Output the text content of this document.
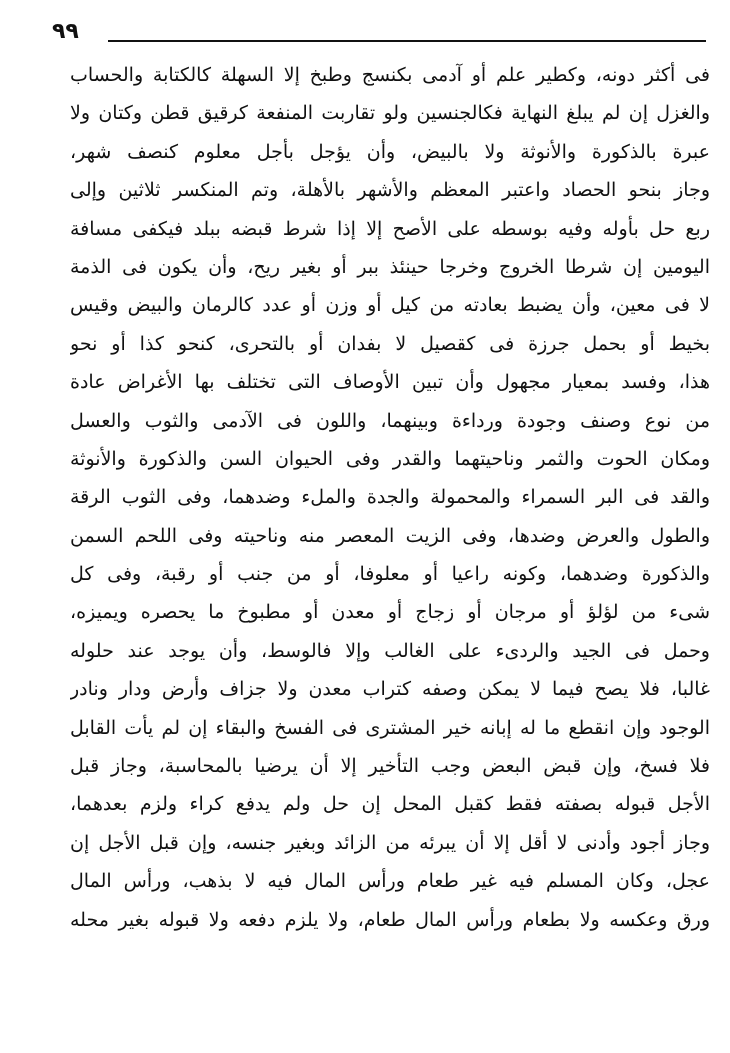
٩٩
فى أكثر دونه، وكطير علم أو آدمى بكنسج وطبخ إلا السهلة كالكتابة والحساب
والغزل إن لم يبلغ النهاية فكالجنسين ولو تقاربت المنفعة كرقيق قطن وكتان ولا
عبرة بالذكورة والأنوثة ولا بالبيض، وأن يؤجل بأجل معلوم كنصف شهر،
وجاز بنحو الحصاد واعتبر المعظم والأشهر بالأهلة، وتم المنكسر ثلاثين وإلى
ربع حل بأوله وفيه بوسطه على الأصح إلا إذا شرط قبضه ببلد فيكفى مسافة
اليومين إن شرطا الخروج وخرجا حينئذ ببر أو بغير ريح، وأن يكون فى الذمة
لا فى معين، وأن يضبط بعادته من كيل أو وزن أو عدد كالرمان والبيض وقيس
بخيط أو بحمل جرزة فى كقصيل لا بفدان أو بالتحرى، كنحو كذا أو نحو
هذا، وفسد بمعيار مجهول وأن تبين الأوصاف التى تختلف بها الأغراض عادة
من نوع وصنف وجودة ورداءة وبينهما، واللون فى الآدمى والثوب والعسل
ومكان الحوت والثمر وناحيتهما والقدر وفى الحيوان السن والذكورة والأنوثة
والقد فى البر السمراء والمحمولة والجدة والملء وضدهما، وفى الثوب الرقة
والطول والعرض وضدها، وفى الزيت المعصر منه وناحيته وفى اللحم السمن
والذكورة وضدهما، وكونه راعيا أو معلوفا، أو من جنب أو رقبة، وفى كل
شىء من لؤلؤ أو مرجان أو زجاج أو معدن أو مطبوخ ما يحصره ويميزه،
وحمل فى الجيد والردىء على الغالب وإلا فالوسط، وأن يوجد عند حلوله
غالبا، فلا يصح فيما لا يمكن وصفه كتراب معدن ولا جزاف وأرض ودار ونادر
الوجود وإن انقطع ما له إبانه خير المشترى فى الفسخ والبقاء إن لم يأت القابل
فلا فسخ، وإن قبض البعض وجب التأخير إلا أن يرضيا بالمحاسبة، وجاز قبل
الأجل قبوله بصفته فقط كقبل المحل إن حل ولم يدفع كراء ولزم بعدهما،
وجاز أجود وأدنى لا أقل إلا أن يبرئه من الزائد وبغير جنسه، وإن قبل الأجل إن
عجل، وكان المسلم فيه غير طعام ورأس المال فيه لا بذهب، ورأس المال
ورق وعكسه ولا بطعام ورأس المال طعام، ولا يلزم دفعه ولا قبوله بغير محله
